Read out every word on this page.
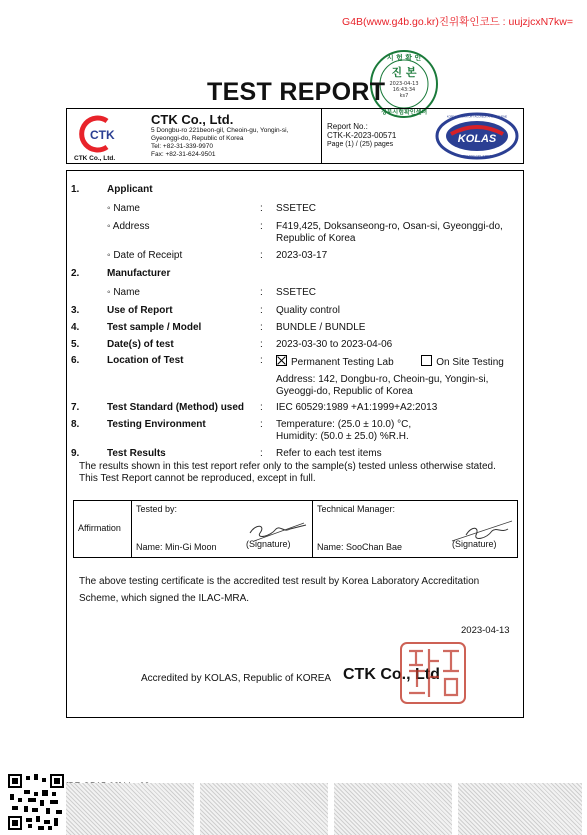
G4B(www.g4b.go.kr)진위확인코드 : uujzjcxN7kw=
시 험 확 인
진 본
2023-04-13
16:43:34
ks7
정부시험확인센터
TEST REPORT
CTK
CTK Co., Ltd.
CTK Co., Ltd.
5 Dongbu-ro 221beon-gil, Cheoin-gu, Yongin-si,
Gyeonggi-do, Republic of Korea
Tel: +82-31-339-9970
Fax: +82-31-624-9501
Report No.:
CTK-K-2023-00571
Page (1) / (25) pages	KOLAS
KOREA LABORATORY ACCREDITATION SCHEME
TESTING NO. KT519
1.	Applicant
◦ Name	: SSETEC
◦ Address	: F419,425, Doksanseong-ro, Osan-si, Gyeonggi-do,
Republic of Korea
◦ Date of Receipt	: 2023-03-17
2.	Manufacturer
◦ Name	: SSETEC
3.	Use of Report	: Quality control
4.	Test sample / Model	: BUNDLE / BUNDLE
5.	Date(s) of test	: 2023-03-30 to 2023-04-06
6.	Location of Test	:	Permanent Testing Lab	On Site Testing
Address: 142, Dongbu-ro, Cheoin-gu, Yongin-si,
Gyeoggi-do, Republic of Korea
7.	Test Standard (Method) used : IEC 60529:1989 +A1:1999+A2:2013
8.	Testing Environment	: Temperature: (25.0 ± 10.0) °C,
Humidity: (50.0 ± 25.0) %R.H.
9.	Test Results	: Refer to each test items
The results shown in this test report refer only to the sample(s) tested unless otherwise stated.
This Test Report cannot be reproduced, except in full.
Affirmation
Tested by:
Name: Min-Gi Moon	(Signature)
Technical Manager:
Name: SooChan Bae	(Signature)
The above testing certificate is the accredited test result by Korea Laboratory Accreditation
Scheme, which signed the ILAC-MRA.
2023-04-13
Accredited by KOLAS, Republic of KOREA CTK Co., Ltd
